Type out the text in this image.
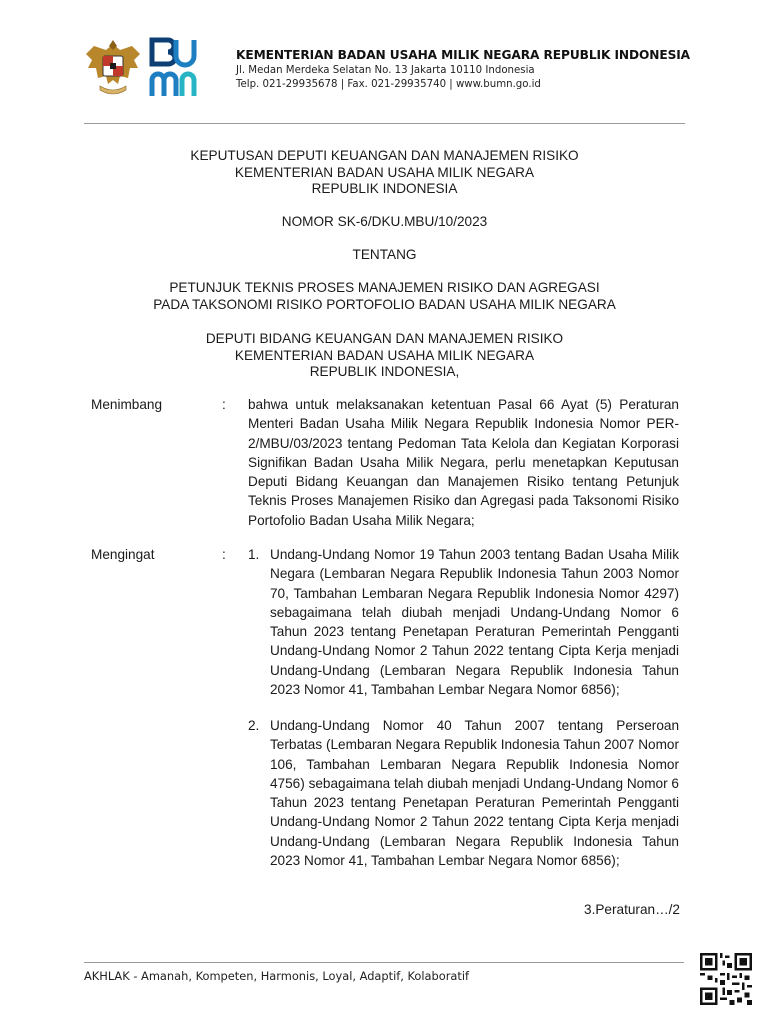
KEMENTERIAN BADAN USAHA MILIK NEGARA REPUBLIK INDONESIA
Jl. Medan Merdeka Selatan No. 13 Jakarta 10110 Indonesia
Telp. 021-29935678 | Fax. 021-29935740 | www.bumn.go.id
KEPUTUSAN DEPUTI KEUANGAN DAN MANAJEMEN RISIKO
KEMENTERIAN BADAN USAHA MILIK NEGARA
REPUBLIK INDONESIA
NOMOR SK-6/DKU.MBU/10/2023
TENTANG
PETUNJUK TEKNIS PROSES MANAJEMEN RISIKO DAN AGREGASI
PADA TAKSONOMI RISIKO PORTOFOLIO BADAN USAHA MILIK NEGARA
DEPUTI BIDANG KEUANGAN DAN MANAJEMEN RISIKO
KEMENTERIAN BADAN USAHA MILIK NEGARA
REPUBLIK INDONESIA,
Menimbang	: bahwa untuk melaksanakan ketentuan Pasal 66 Ayat (5) Peraturan Menteri Badan Usaha Milik Negara Republik Indonesia Nomor PER-2/MBU/03/2023 tentang Pedoman Tata Kelola dan Kegiatan Korporasi Signifikan Badan Usaha Milik Negara, perlu menetapkan Keputusan Deputi Bidang Keuangan dan Manajemen Risiko tentang Petunjuk Teknis Proses Manajemen Risiko dan Agregasi pada Taksonomi Risiko Portofolio Badan Usaha Milik Negara;
Mengingat	: 1. Undang-Undang Nomor 19 Tahun 2003 tentang Badan Usaha Milik Negara (Lembaran Negara Republik Indonesia Tahun 2003 Nomor 70, Tambahan Lembaran Negara Republik Indonesia Nomor 4297) sebagaimana telah diubah menjadi Undang-Undang Nomor 6 Tahun 2023 tentang Penetapan Peraturan Pemerintah Pengganti Undang-Undang Nomor 2 Tahun 2022 tentang Cipta Kerja menjadi Undang-Undang (Lembaran Negara Republik Indonesia Tahun 2023 Nomor 41, Tambahan Lembar Negara Nomor 6856);
2. Undang-Undang Nomor 40 Tahun 2007 tentang Perseroan Terbatas (Lembaran Negara Republik Indonesia Tahun 2007 Nomor 106, Tambahan Lembaran Negara Republik Indonesia Nomor 4756) sebagaimana telah diubah menjadi Undang-Undang Nomor 6 Tahun 2023 tentang Penetapan Peraturan Pemerintah Pengganti Undang-Undang Nomor 2 Tahun 2022 tentang Cipta Kerja menjadi Undang-Undang (Lembaran Negara Republik Indonesia Tahun 2023 Nomor 41, Tambahan Lembar Negara Nomor 6856);
3.Peraturan…/2
AKHLAK - Amanah, Kompeten, Harmonis, Loyal, Adaptif, Kolaboratif
